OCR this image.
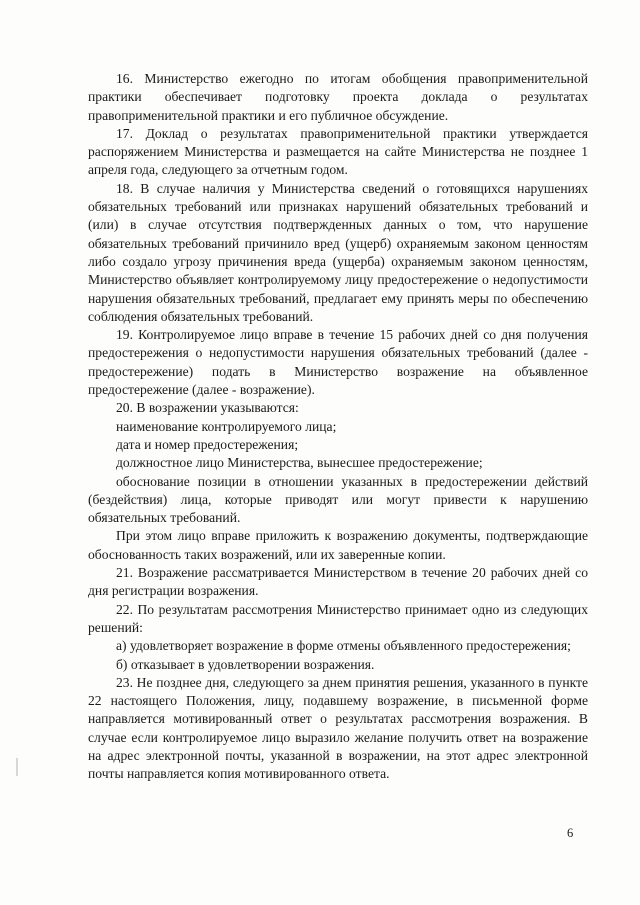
16. Министерство ежегодно по итогам обобщения правоприменительной практики обеспечивает подготовку проекта доклада о результатах правоприменительной практики и его публичное обсуждение.

17. Доклад о результатах правоприменительной практики утверждается распоряжением Министерства и размещается на сайте Министерства не позднее 1 апреля года, следующего за отчетным годом.

18. В случае наличия у Министерства сведений о готовящихся нарушениях обязательных требований или признаках нарушений обязательных требований и (или) в случае отсутствия подтвержденных данных о том, что нарушение обязательных требований причинило вред (ущерб) охраняемым законом ценностям либо создало угрозу причинения вреда (ущерба) охраняемым законом ценностям, Министерство объявляет контролируемому лицу предостережение о недопустимости нарушения обязательных требований, предлагает ему принять меры по обеспечению соблюдения обязательных требований.

19. Контролируемое лицо вправе в течение 15 рабочих дней со дня получения предостережения о недопустимости нарушения обязательных требований (далее - предостережение) подать в Министерство возражение на объявленное предостережение (далее - возражение).

20. В возражении указываются:

наименование контролируемого лица;

дата и номер предостережения;

должностное лицо Министерства, вынесшее предостережение;

обоснование позиции в отношении указанных в предостережении действий (бездействия) лица, которые приводят или могут привести к нарушению обязательных требований.

При этом лицо вправе приложить к возражению документы, подтверждающие обоснованность таких возражений, или их заверенные копии.

21. Возражение рассматривается Министерством в течение 20 рабочих дней со дня регистрации возражения.

22. По результатам рассмотрения Министерство принимает одно из следующих решений:

а) удовлетворяет возражение в форме отмены объявленного предостережения;

б) отказывает в удовлетворении возражения.

23. Не позднее дня, следующего за днем принятия решения, указанного в пункте 22 настоящего Положения, лицу, подавшему возражение, в письменной форме направляется мотивированный ответ о результатах рассмотрения возражения. В случае если контролируемое лицо выразило желание получить ответ на возражение на адрес электронной почты, указанной в возражении, на этот адрес электронной почты направляется копия мотивированного ответа.

6
